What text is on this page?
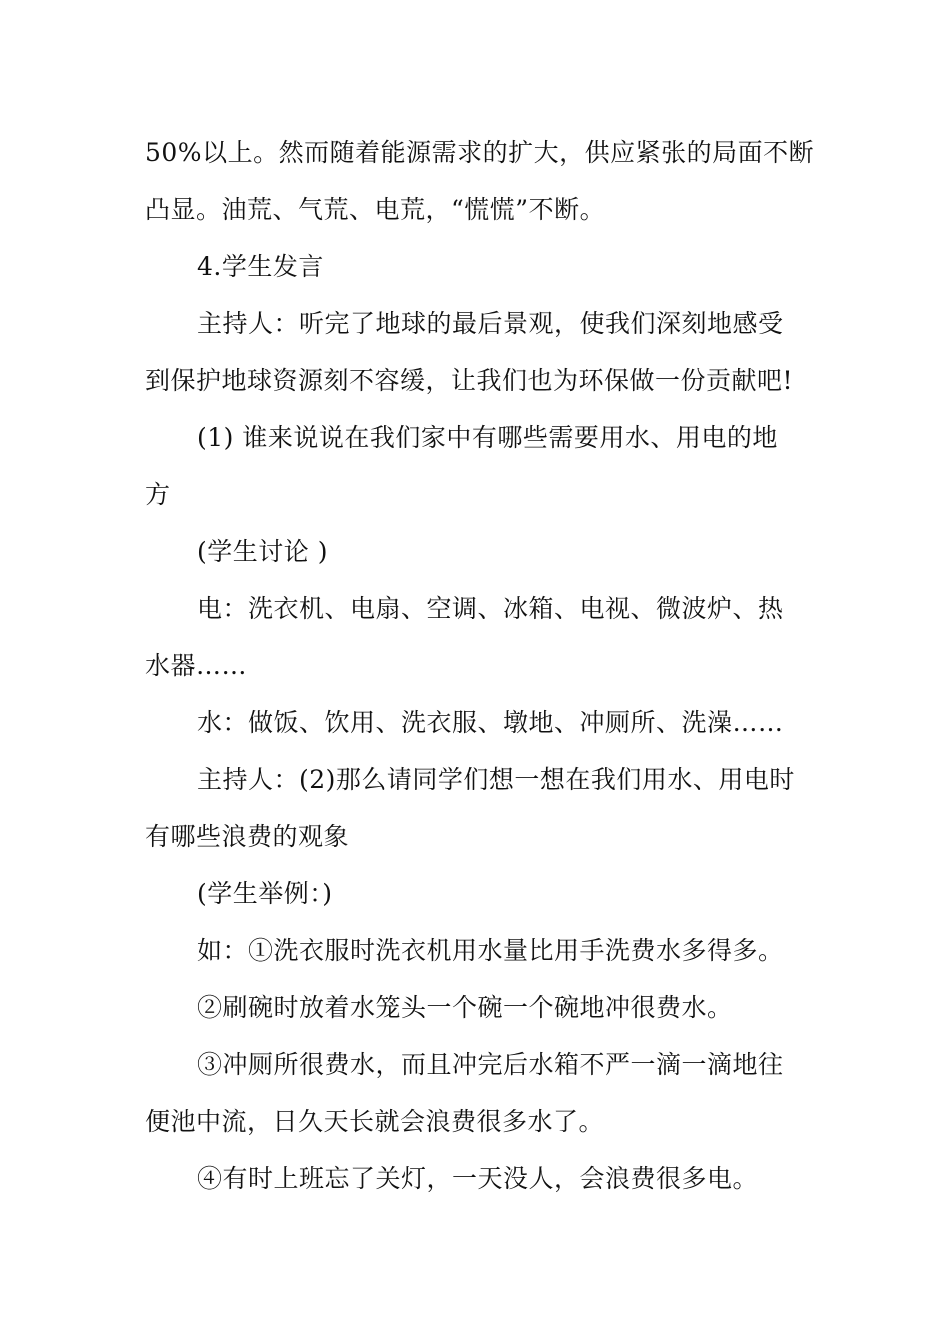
50%以上。然而随着能源需求的扩大，供应紧张的局面不断
凸显。油荒、气荒、电荒，“慌慌”不断。
4.学生发言
主持人：听完了地球的最后景观，使我们深刻地感受
到保护地球资源刻不容缓，让我们也为环保做一份贡献吧!
(1) 谁来说说在我们家中有哪些需要用水、用电的地
方
(学生讨论 )
电：洗衣机、电扇、空调、冰箱、电视、微波炉、热
水器……
水：做饭、饮用、洗衣服、墩地、冲厕所、洗澡……
主持人：(2)那么请同学们想一想在我们用水、用电时
有哪些浪费的观象
(学生举例：)
如：①洗衣服时洗衣机用水量比用手洗费水多得多。
②刷碗时放着水笼头一个碗一个碗地冲很费水。
③冲厕所很费水，而且冲完后水箱不严一滴一滴地往
便池中流，日久天长就会浪费很多水了。
④有时上班忘了关灯，一天没人，会浪费很多电。
